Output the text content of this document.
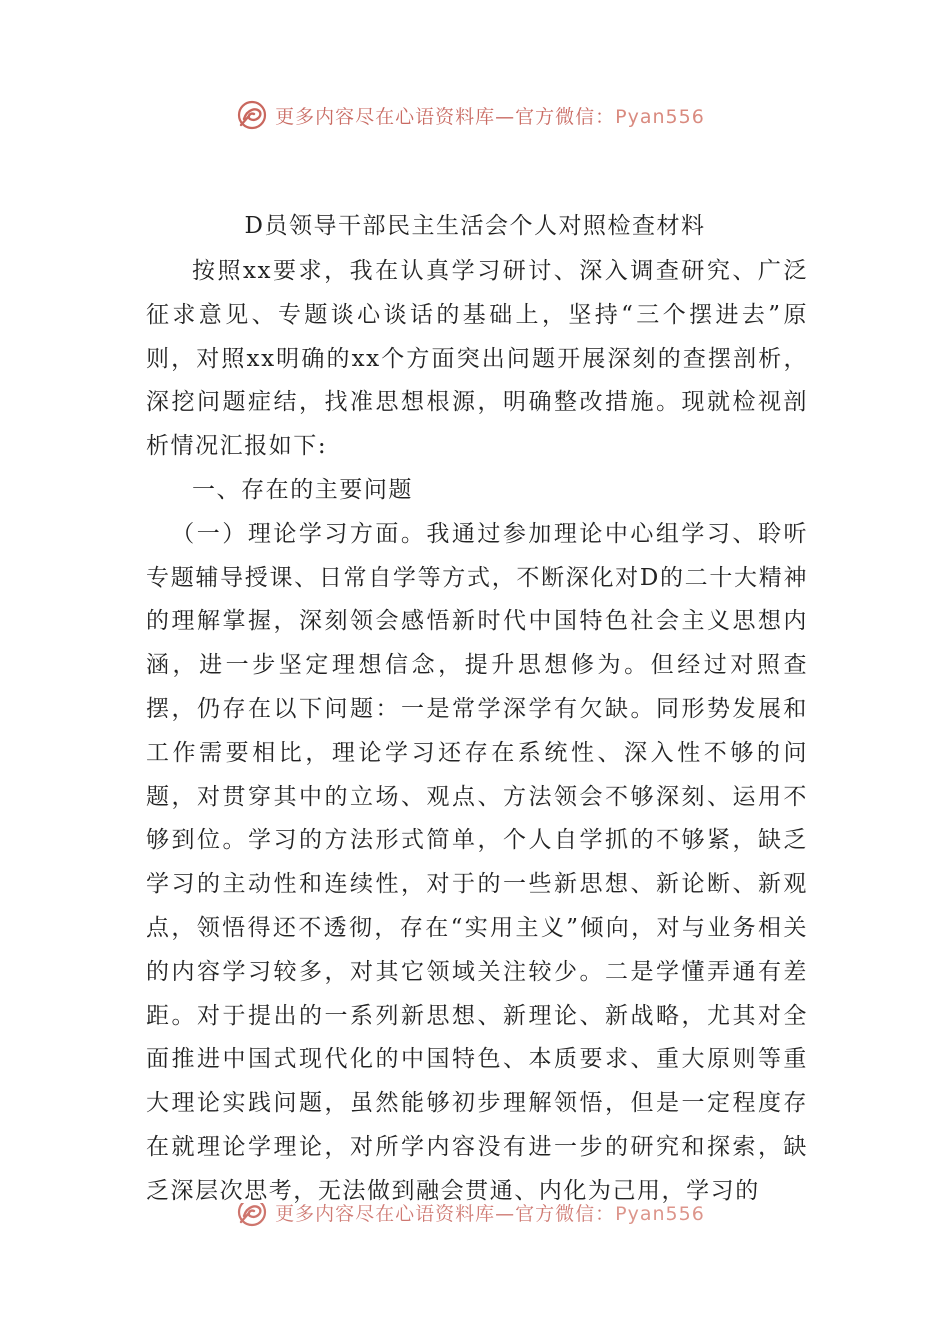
更多内容尽在心语资料库—官方微信：Pyan556
D员领导干部民主生活会个人对照检查材料

按照xx要求，我在认真学习研讨、深入调查研究、广泛征求意见、专题谈心谈话的基础上，坚持“三个摆进去”原则，对照xx明确的xx个方面突出问题开展深刻的查摆剖析，深挖问题症结，找准思想根源，明确整改措施。现就检视剖析情况汇报如下:

一、存在的主要问题

（一）理论学习方面。我通过参加理论中心组学习、聆听专题辅导授课、日常自学等方式，不断深化对D的二十大精神的理解掌握，深刻领会感悟新时代中国特色社会主义思想内涵，进一步坚定理想信念，提升思想修为。但经过对照查摆，仍存在以下问题：一是常学深学有欠缺。同形势发展和工作需要相比，理论学习还存在系统性、深入性不够的问题，对贯穿其中的立场、观点、方法领会不够深刻、运用不够到位。学习的方法形式简单，个人自学抓的不够紧，缺乏学习的主动性和连续性，对于的一些新思想、新论断、新观点，领悟得还不透彻，存在“实用主义”倾向，对与业务相关的内容学习较多，对其它领域关注较少。二是学懂弄通有差距。对于提出的一系列新思想、新理论、新战略，尤其对全面推进中国式现代化的中国特色、本质要求、重大原则等重大理论实践问题，虽然能够初步理解领悟，但是一定程度存在就理论学理论，对所学内容没有进一步的研究和探索，缺乏深层次思考，无法做到融会贯通、内化为己用，学习的

更多内容尽在心语资料库—官方微信：Pyan556
